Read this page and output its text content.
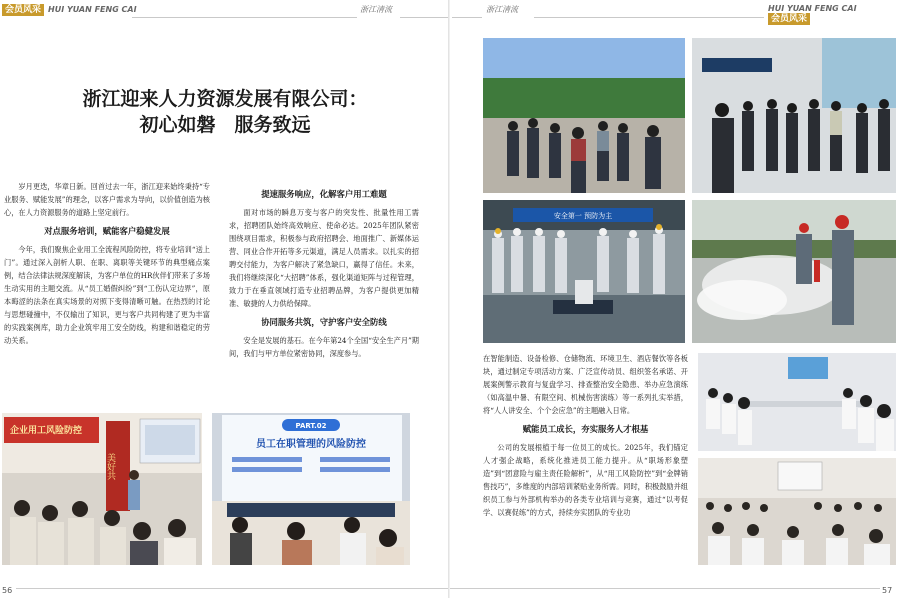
会员风采 HUI YUAN FENG CAI	浙江清流
浙江迎来人力资源发展有限公司：
初心如磐　服务致远

岁月更迭，华章日新。回首过去一年，浙江迎来始终秉持“专业服务、赋能发展”的理念，以客户需求为导向，以价值创造为核心，在人力资源服务的道路上坚定前行。

对点服务培训，赋能客户稳健发展

今年，我们聚焦企业用工全流程风险防控，将专业培训“送上门”。通过深入剖析人职、在职、离职等关键环节的典型痛点案例，结合法律法规深度解读，为客户单位的HR伙伴们带来了多场生动实用的主题交流。从“员工婚假纠纷”到“工伤认定边界”，原本晦涩的法条在真实场景的对照下变得清晰可触。在热烈的讨论与思想碰撞中，不仅输出了知识，更与客户共同构建了更为丰富的实践案例库，助力企业筑牢用工安全防线，构建和谐稳定的劳动关系。

提速服务响应，化解客户用工难题

面对市场的瞬息万变与客户的突发性、批量性用工需求，招聘团队始终高效响应、使命必达。2025年团队紧密围绕项目需求，积极参与政府招聘会、地面推广、新媒体运营、同业合作开拓等多元渠道，满足人员需求。以扎实的招聘交付能力，为客户解决了紧急缺口，赢得了信任。未来，我们将继续深化“大招聘”体系，强化渠道矩阵与过程管理，致力于在垂直领域打造专业招聘品牌，为客户提供更加精准、敏捷的人力供给保障。

协同服务共筑，守护客户安全防线

安全是发展的基石。在今年第24个全国“安全生产月”期间，我们与甲方单位紧密协同，深度参与。

企业用工风险防控
美好共
PART.02
员工在职管理的风险防控
56
浙江清流	HUI YUAN FENG CAI会员风采
安全第一 预防为主

在智能制造、设备检修、仓储物流、环境卫生、酒店餐饮等各板块，通过制定专项活动方案、广泛宣传动员、组织签名承诺、开展案例警示教育与复盘学习、排查整治安全隐患、举办应急演练（如高温中暑、有限空间、机械伤害演练）等一系列扎实举措，将“人人讲安全、个个会应急”的主题融入日常。

赋能员工成长，夯实服务人才根基

公司的发展根植于每一位员工的成长。2025年，我们锚定人才强企战略，系统化推进员工能力提升。从“职场形象塑造”到“团意险与雇主责任险解析”，从“用工风险防控”到“金牌销售技巧”，多维度的内部培训紧贴业务所需。同时，积极鼓励并组织员工参与外部机构举办的各类专业培训与竞赛，通过“以考促学、以赛促练”的方式，持续夯实团队的专业功

57
